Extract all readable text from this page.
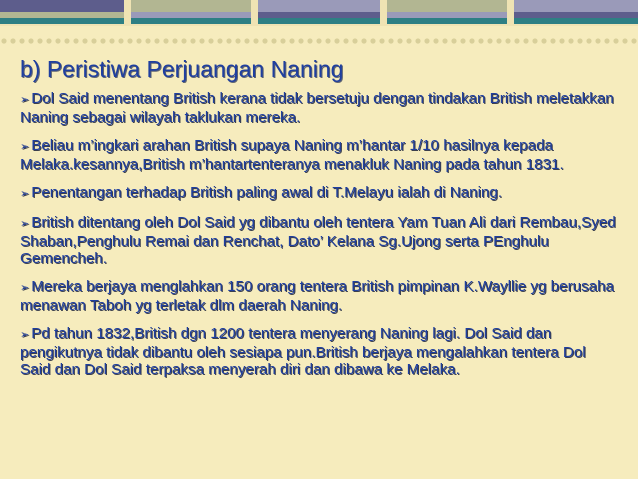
b) Peristiwa Perjuangan Naning
➢ Dol Said menentang British kerana tidak bersetuju dengan tindakan British meletakkan Naning sebagai wilayah taklukan mereka.
➢ Beliau m’ingkari arahan British supaya Naning m’hantar 1/10 hasilnya kepada Melaka.kesannya,British m’hantartenteranya menakluk Naning pada tahun 1831.
➢ Penentangan terhadap British paling awal di T.Melayu ialah di Naning.
➢ British ditentang oleh Dol Said yg dibantu oleh tentera Yam Tuan Ali dari Rembau,Syed Shaban,Penghulu Remai dan Renchat, Dato’ Kelana Sg.Ujong serta PEnghulu Gemencheh.
➢ Mereka berjaya menglahkan 150 orang tentera British pimpinan K.Wayllie yg berusaha menawan Taboh yg terletak dlm daerah Naning.
➢ Pd tahun 1832,British dgn 1200 tentera menyerang Naning lagi. Dol Said dan pengikutnya tidak dibantu oleh sesiapa pun.British berjaya mengalahkan tentera Dol Said dan Dol Said terpaksa menyerah diri dan dibawa ke Melaka.
